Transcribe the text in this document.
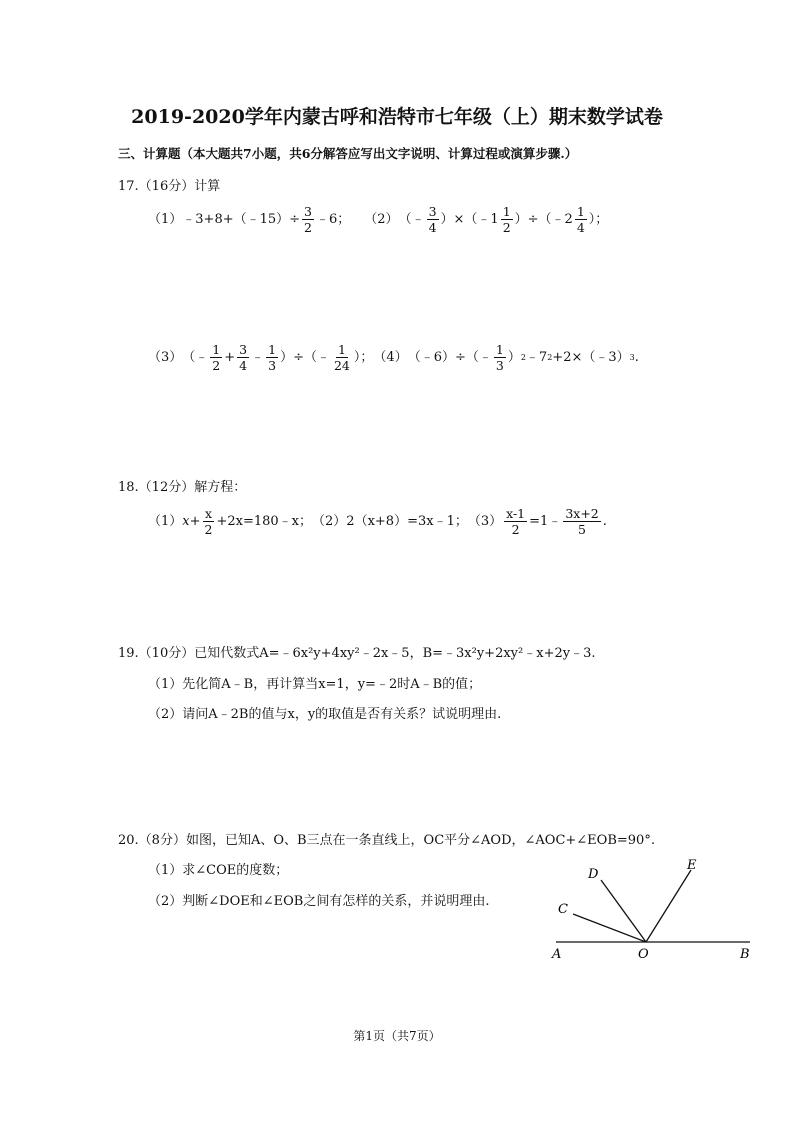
2019-2020学年内蒙古呼和浩特市七年级（上）期末数学试卷
三、计算题（本大题共7小题，共6分解答应写出文字说明、计算过程或演算步骤.）
17.（16分）计算
（1） ﹣3+8+（﹣15）÷ $\frac{3}{2}$ ﹣6； （2） （﹣ $\frac{3}{4}$ ）×（﹣1 $\frac{1}{2}$ ）÷（﹣2 $\frac{1}{4}$ ）；
（3） （﹣ $\frac{1}{2} + \frac{3}{4}$ ﹣ $\frac{1}{3}$ ）÷（﹣ $\frac{1}{24}$ ）； （4） （﹣6）÷（﹣ $\frac{1}{3}$ ） 2 ﹣7 2 +2×（﹣3） 3 .
18.（12分）解方程：
（1） $x + \frac{x}{2}$ +2x=180﹣x； （2）2（x+8）=3x﹣1； $(3) \frac{x-1}{2}$ =1﹣ $\frac{3x+2}{5}$ .
19.（10分）已知代数式A=﹣6x²y+4xy²﹣2x﹣5，B=﹣3x²y+2xy²﹣x+2y﹣3.
（1）先化简A﹣B，再计算当x=1，y=﹣2时A﹣B的值；
（2）请问A﹣2B的值与x，y的取值是否有关系？试说明理由.
20.（8分）如图，已知A、O、B三点在一条直线上，OC平分∠AOD，∠AOC+∠EOB=90°.
（1）求∠COE的度数；
（2）判断∠DOE和∠EOB之间有怎样的关系，并说明理由.
A	O	B
C
D
E
第1页（共7页）
